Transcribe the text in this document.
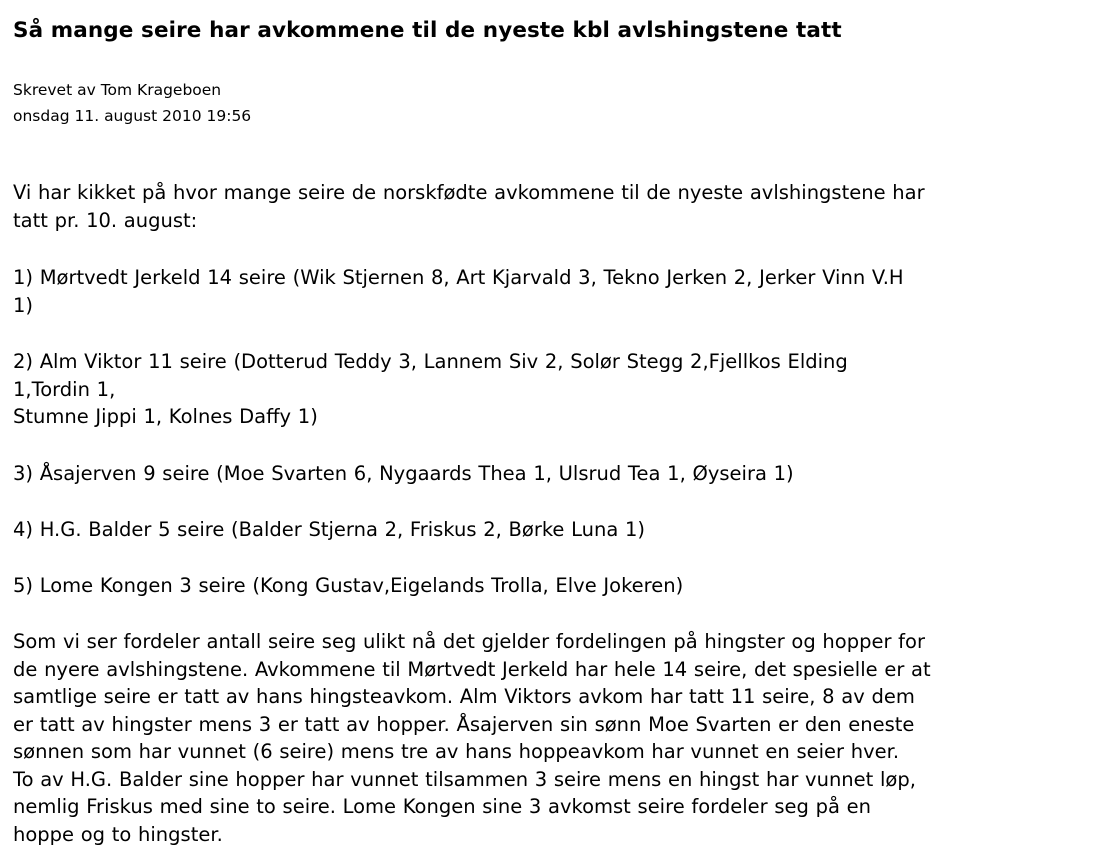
Så mange seire har avkommene til de nyeste kbl avlshingstene tatt
Skrevet av Tom Krageboen
onsdag 11. august 2010 19:56

Vi har kikket på hvor mange seire de norskfødte avkommene til de nyeste avlshingstene har
tatt pr. 10. august:

1) Mørtvedt Jerkeld 14 seire (Wik Stjernen 8, Art Kjarvald 3, Tekno Jerken 2, Jerker Vinn V.H
1)

2) Alm Viktor 11 seire (Dotterud Teddy 3, Lannem Siv 2, Solør Stegg 2,Fjellkos Elding
1,Tordin 1,
Stumne Jippi 1, Kolnes Daffy 1)

3) Åsajerven 9 seire (Moe Svarten 6, Nygaards Thea 1, Ulsrud Tea 1, Øyseira 1)

4) H.G. Balder 5 seire (Balder Stjerna 2, Friskus 2, Børke Luna 1)

5) Lome Kongen 3 seire (Kong Gustav,Eigelands Trolla, Elve Jokeren)

Som vi ser fordeler antall seire seg ulikt nå det gjelder fordelingen på hingster og hopper for
de nyere avlshingstene. Avkommene til Mørtvedt Jerkeld har hele 14 seire, det spesielle er at
samtlige seire er tatt av hans hingsteavkom. Alm Viktors avkom har tatt 11 seire, 8 av dem
er tatt av hingster mens 3 er tatt av hopper. Åsajerven sin sønn Moe Svarten er den eneste
sønnen som har vunnet (6 seire) mens tre av hans hoppeavkom har vunnet en seier hver.
To av H.G. Balder sine hopper har vunnet tilsammen 3 seire mens en hingst har vunnet løp,
nemlig Friskus med sine to seire. Lome Kongen sine 3 avkomst seire fordeler seg på en
hoppe og to hingster.
